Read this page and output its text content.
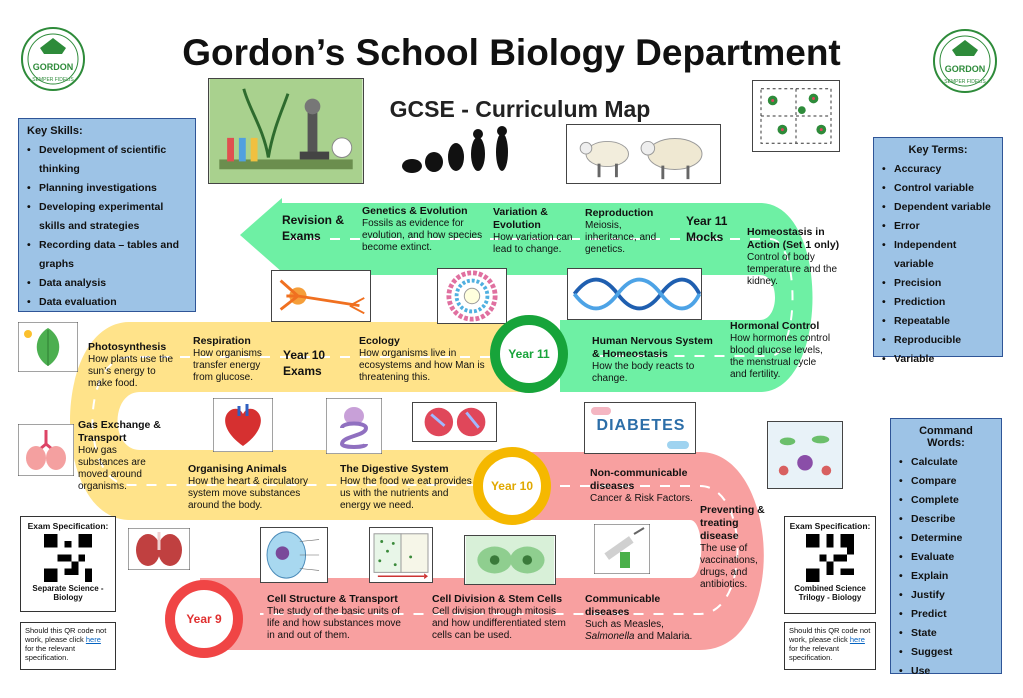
Gordon’s School Biology Department
GCSE - Curriculum Map
GORDON
SEMPER FIDELIS
GORDON
SEMPER FIDELIS
Key Skills:
• Development of scientific thinking
• Planning investigations
• Developing experimental skills and strategies
• Recording data – tables and graphs
• Data analysis
• Data evaluation
Key Terms:
• Accuracy
• Control variable
• Dependent variable
• Error
• Independent variable
• Precision
• Prediction
• Repeatable
• Reproducible
• Variable
Command Words:
• Calculate
• Compare
• Complete
• Describe
• Determine
• Evaluate
• Explain
• Justify
• Predict
• State
• Suggest
• Use
DIABETES
Year 11
Year 10
Year 9
Revision & Exams
Genetics & Evolution
Fossils as evidence for evolution, and how species become extinct.
Variation & Evolution
How variation can lead to change.
Reproduction
Meiosis, inheritance, and genetics.
Year 11 Mocks	Homeostasis in Action (Set 1 only)
Control of body temperature and the kidney.
Hormonal Control
How hormones control blood glucose levels, the menstrual cycle and fertility.
Human Nervous System & Homeostasis
How the body reacts to change.
Photosynthesis
How plants use the sun’s energy to make food.
Respiration
How organisms transfer energy from glucose.
Year 10 Exams
Ecology
How organisms live in ecosystems and how Man is threatening this.
Gas Exchange & Transport
How gas substances are moved around organisms.
Organising Animals
How the heart & circulatory system move substances around the body.
The Digestive System
How the food we eat provides us with the nutrients and energy we need.
Non-communicable diseases
Cancer & Risk Factors.
Preventing & treating disease
The use of vaccinations, drugs, and antibiotics.
Cell Structure & Transport
The study of the basic units of life and how substances move in and out of them.
Cell Division & Stem Cells
Cell division through mitosis and how undifferentiated stem cells can be used.
Communicable diseases
Such as Measles, Salmonella and Malaria.
Exam Specification:
Separate Science - Biology
Should this QR code not work, please click here for the relevant specification.
Exam Specification:
Combined Science Trilogy - Biology
Should this QR code not work, please click here for the relevant specification.
